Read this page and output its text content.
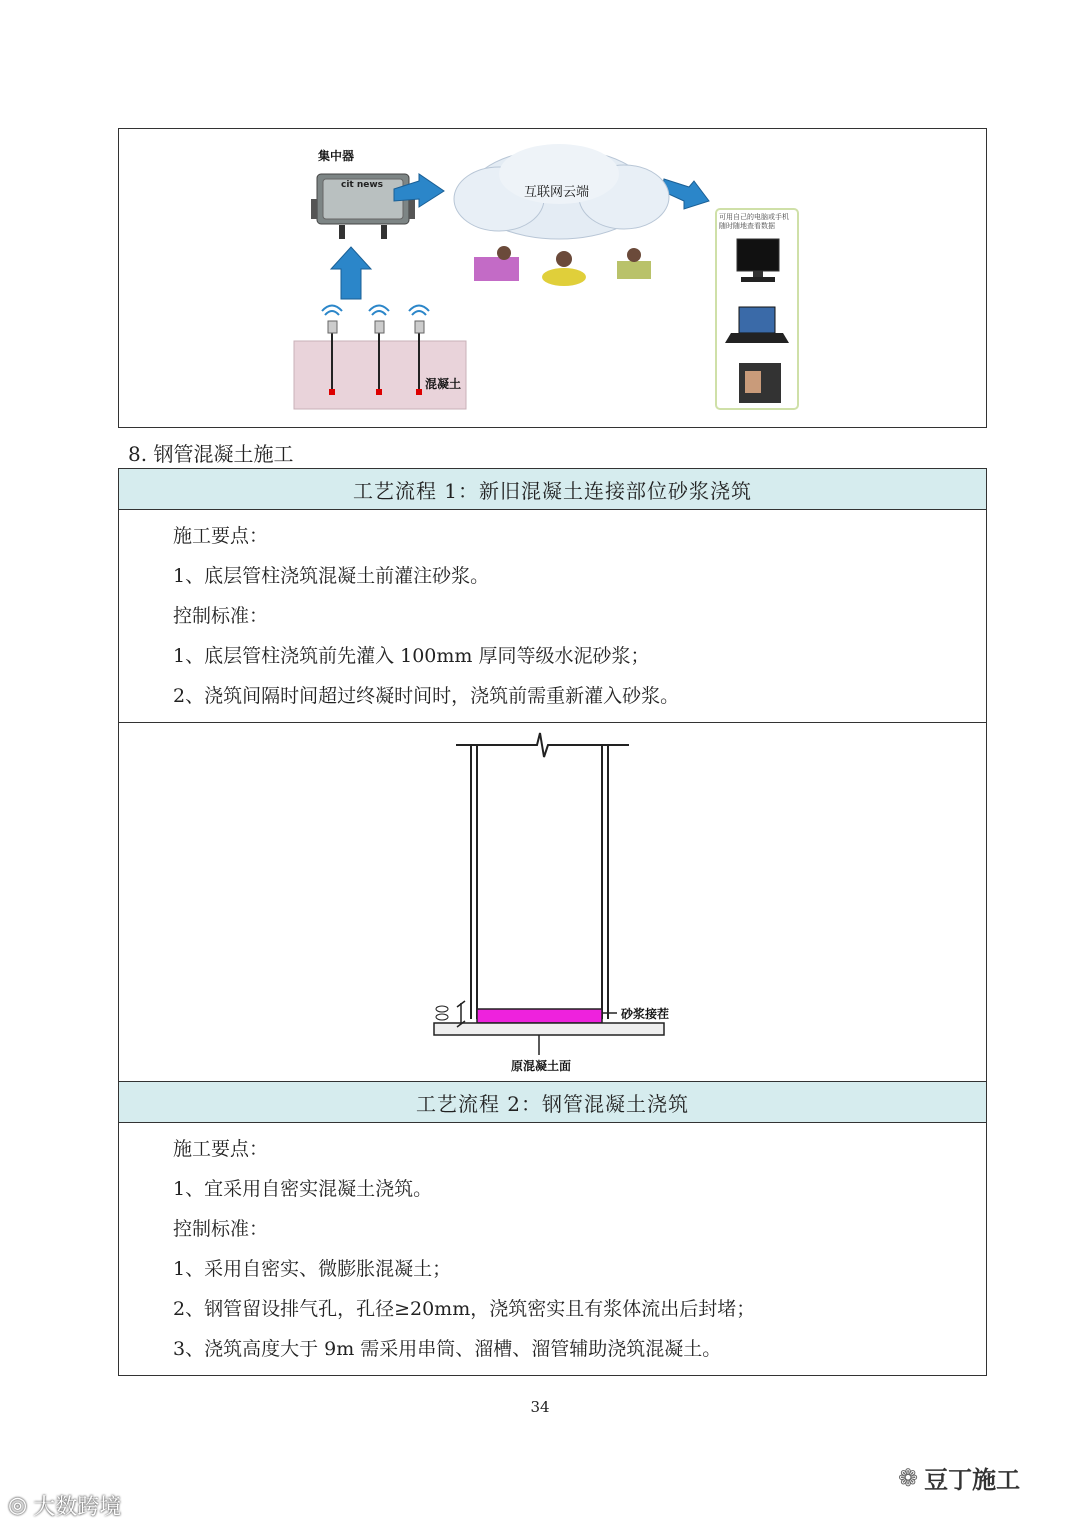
集中器
cit news	互联网云端
混凝土
可用自己的电脑或手机随时随地查看数据
8. 钢管混凝土施工
工艺流程 1：新旧混凝土连接部位砂浆浇筑

施工要点：
1、底层管柱浇筑混凝土前灌注砂浆。
控制标准：
1、底层管柱浇筑前先灌入 100mm 厚同等级水泥砂浆；
2、浇筑间隔时间超过终凝时间时，浇筑前需重新灌入砂浆。

砂浆接茬
原混凝土面

工艺流程 2：钢管混凝土浇筑

施工要点：
1、宜采用自密实混凝土浇筑。
控制标准：
1、采用自密实、微膨胀混凝土；
2、钢管留设排气孔，孔径≥20mm，浇筑密实且有浆体流出后封堵；
3、浇筑高度大于 9m 需采用串筒、溜槽、溜管辅助浇筑混凝土。
34
◎ 大数跨境
❁ 豆丁施工
